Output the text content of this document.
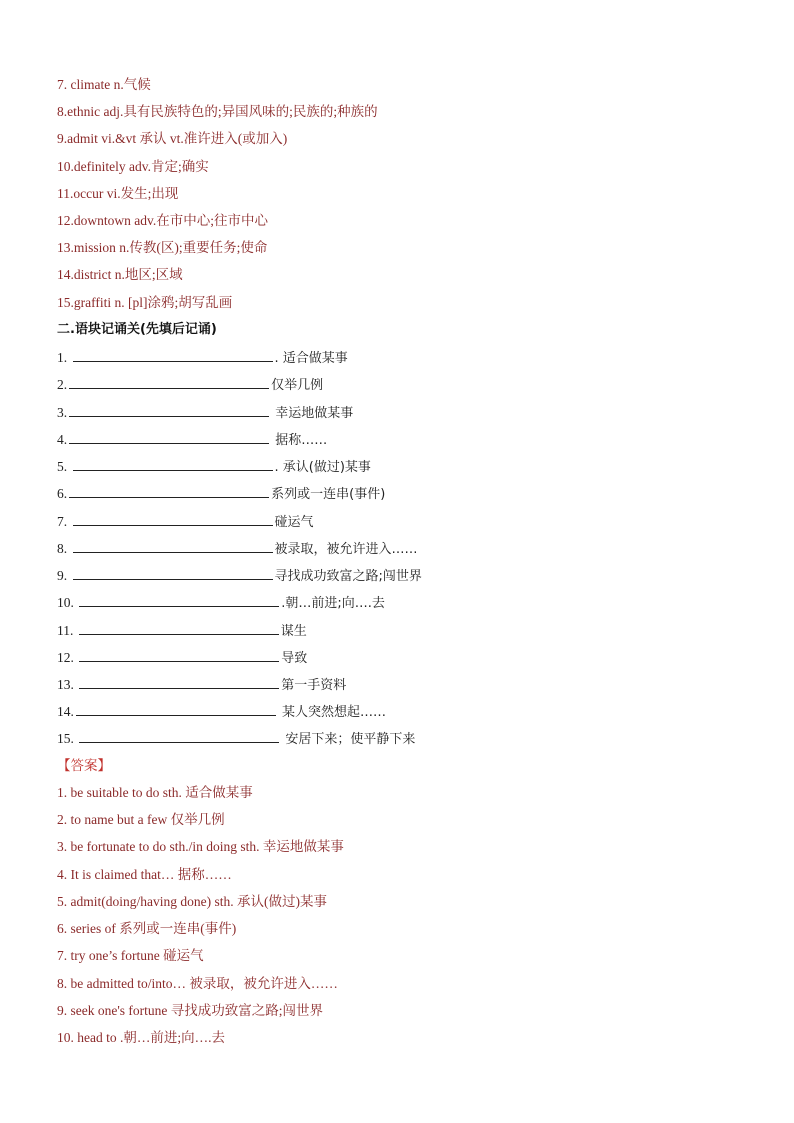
7. climate n.气候
8.ethnic adj.具有民族特色的;异国风味的;民族的;种族的
9.admit vi.&vt 承认 vt.准许进入(或加入)
10.definitely adv.肯定;确实
11.occur vi.发生;出现
12.downtown adv.在市中心;往市中心
13.mission n.传教(区);重要任务;使命
14.district n.地区;区域
15.graffiti n. [pl]涂鸦;胡写乱画
二.语块记诵关(先填后记诵)
1.	. 适合做某事
2.	仅举几例
3.	幸运地做某事
4.	据称……
5.	. 承认(做过)某事
6.	系列或一连串(事件)
7.	碰运气
8.	被录取，被允许进入……
9.	寻找成功致富之路;闯世界
10.	.朝…前进;向….去
11.	谋生
12.	导致
13.	第一手资料
14.	某人突然想起……
15.	安居下来；使平静下来
【答案】
1. be suitable to do sth. 适合做某事
2. to name but a few 仅举几例
3. be fortunate to do sth./in doing sth. 幸运地做某事
4. It is claimed that… 据称……
5. admit(doing/having done) sth. 承认(做过)某事
6. series of 系列或一连串(事件)
7. try one’s fortune 碰运气
8. be admitted to/into… 被录取，被允许进入……
9. seek one's fortune 寻找成功致富之路;闯世界
10. head to .朝…前进;向….去
